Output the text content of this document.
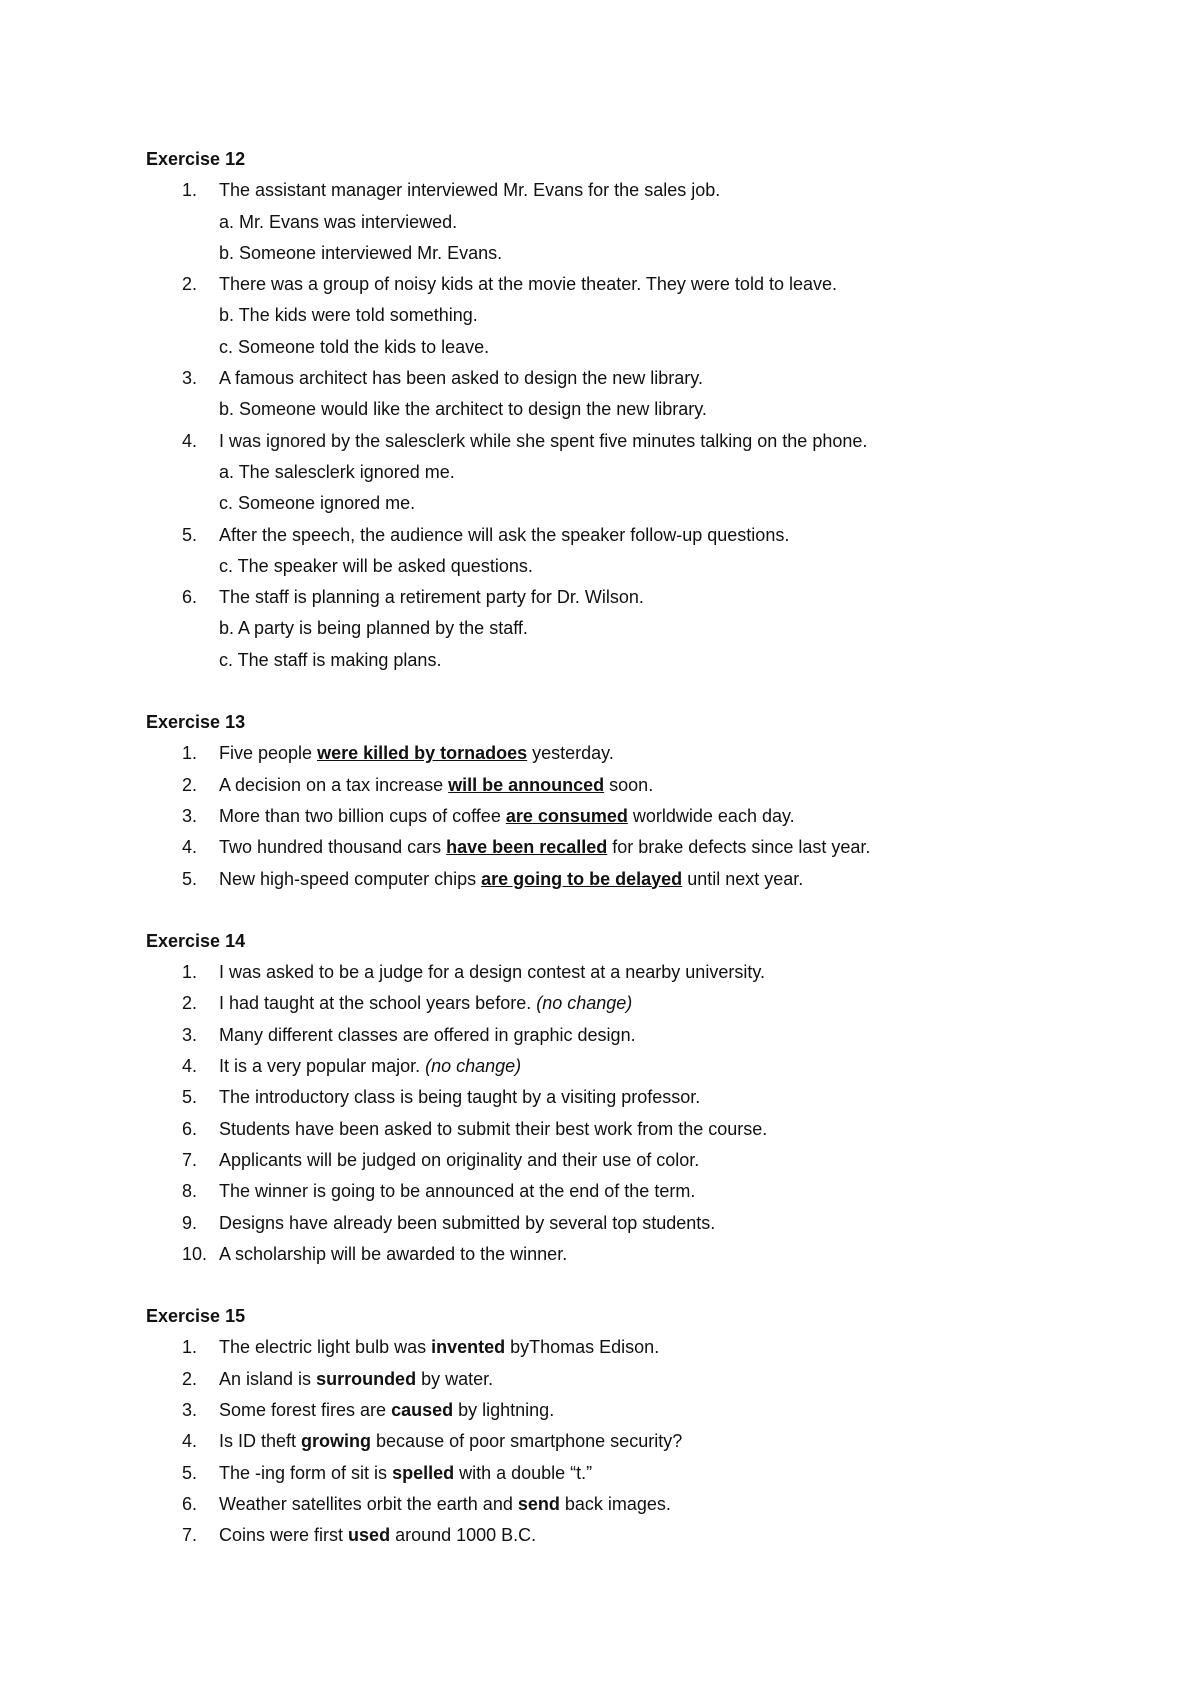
Exercise 12
1. The assistant manager interviewed Mr. Evans for the sales job.
a. Mr. Evans was interviewed.
b. Someone interviewed Mr. Evans.
2. There was a group of noisy kids at the movie theater. They were told to leave.
b. The kids were told something.
c. Someone told the kids to leave.
3. A famous architect has been asked to design the new library.
b. Someone would like the architect to design the new library.
4. I was ignored by the salesclerk while she spent five minutes talking on the phone.
a. The salesclerk ignored me.
c. Someone ignored me.
5. After the speech, the audience will ask the speaker follow-up questions.
c. The speaker will be asked questions.
6. The staff is planning a retirement party for Dr. Wilson.
b. A party is being planned by the staff.
c. The staff is making plans.
Exercise 13
1. Five people were killed by tornadoes yesterday.
2. A decision on a tax increase will be announced soon.
3. More than two billion cups of coffee are consumed worldwide each day.
4. Two hundred thousand cars have been recalled for brake defects since last year.
5. New high-speed computer chips are going to be delayed until next year.
Exercise 14
1. I was asked to be a judge for a design contest at a nearby university.
2. I had taught at the school years before. (no change)
3. Many different classes are offered in graphic design.
4. It is a very popular major. (no change)
5. The introductory class is being taught by a visiting professor.
6. Students have been asked to submit their best work from the course.
7. Applicants will be judged on originality and their use of color.
8. The winner is going to be announced at the end of the term.
9. Designs have already been submitted by several top students.
10. A scholarship will be awarded to the winner.
Exercise 15
1. The electric light bulb was invented byThomas Edison.
2. An island is surrounded by water.
3. Some forest fires are caused by lightning.
4. Is ID theft growing because of poor smartphone security?
5. The -ing form of sit is spelled with a double “t.”
6. Weather satellites orbit the earth and send back images.
7. Coins were first used around 1000 B.C.
